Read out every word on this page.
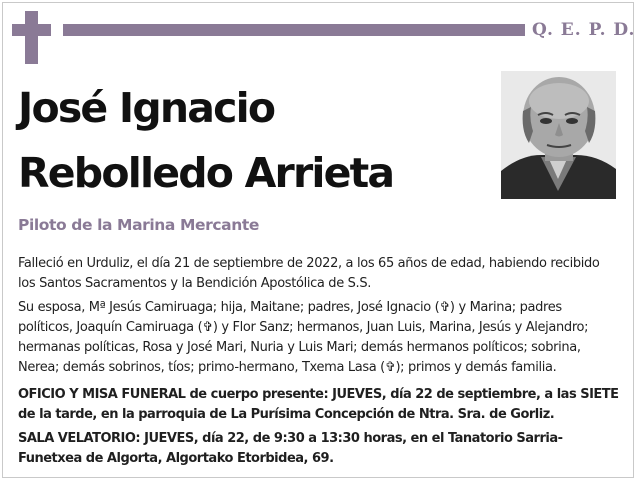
Q. E. P. D.
José Ignacio
Rebolledo Arrieta
Piloto de la Marina Mercante
Falleció en Urduliz, el día 21 de septiembre de 2022, a los 65 años de edad, habiendo recibido los Santos Sacramentos y la Bendición Apostólica de S.S.
Su esposa, Mª Jesús Camiruaga; hija, Maitane; padres, José Ignacio (✞) y Marina; padres políticos, Joaquín Camiruaga (✞) y Flor Sanz; hermanos, Juan Luis, Marina, Jesús y Alejandro; hermanas políticas, Rosa y José Mari, Nuria y Luis Mari; demás hermanos políticos; sobrina, Nerea; demás sobrinos, tíos; primo-hermano, Txema Lasa (✞); primos y demás familia.
OFICIO Y MISA FUNERAL de cuerpo presente: JUEVES, día 22 de septiembre, a las SIETE de la tarde, en la parroquia de La Purísima Concepción de Ntra. Sra. de Gorliz.
SALA VELATORIO: JUEVES, día 22, de 9:30 a 13:30 horas, en el Tanatorio Sarria-Funetxea de Algorta, Algortako Etorbidea, 69.
